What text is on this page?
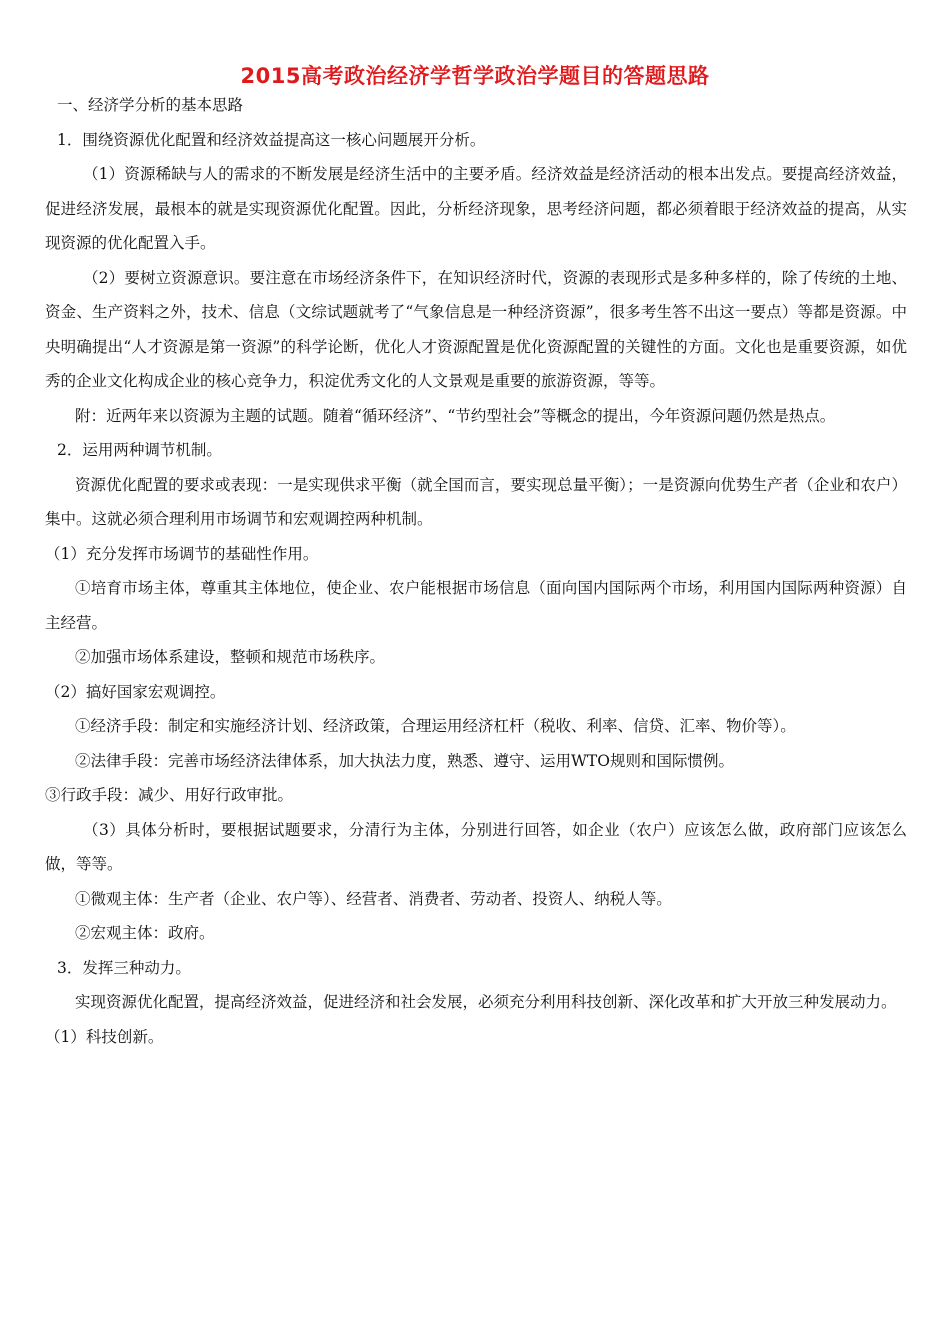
2015高考政治经济学哲学政治学题目的答题思路

一、经济学分析的基本思路

1．围绕资源优化配置和经济效益提高这一核心问题展开分析。

（1）资源稀缺与人的需求的不断发展是经济生活中的主要矛盾。经济效益是经济活动的根本出发点。要提高经济效益，促进经济发展，最根本的就是实现资源优化配置。因此，分析经济现象，思考经济问题，都必须着眼于经济效益的提高，从实现资源的优化配置入手。

（2）要树立资源意识。要注意在市场经济条件下，在知识经济时代，资源的表现形式是多种多样的，除了传统的土地、资金、生产资料之外，技术、信息（文综试题就考了“气象信息是一种经济资源”，很多考生答不出这一要点）等都是资源。中央明确提出“人才资源是第一资源”的科学论断，优化人才资源配置是优化资源配置的关键性的方面。文化也是重要资源，如优秀的企业文化构成企业的核心竞争力，积淀优秀文化的人文景观是重要的旅游资源，等等。

附：近两年来以资源为主题的试题。随着“循环经济”、“节约型社会”等概念的提出，今年资源问题仍然是热点。

2．运用两种调节机制。

资源优化配置的要求或表现：一是实现供求平衡（就全国而言，要实现总量平衡）；一是资源向优势生产者（企业和农户）集中。这就必须合理利用市场调节和宏观调控两种机制。

（1）充分发挥市场调节的基础性作用。

①培育市场主体，尊重其主体地位，使企业、农户能根据市场信息（面向国内国际两个市场，利用国内国际两种资源）自主经营。

②加强市场体系建设，整顿和规范市场秩序。

（2）搞好国家宏观调控。

①经济手段：制定和实施经济计划、经济政策，合理运用经济杠杆（税收、利率、信贷、汇率、物价等）。

②法律手段：完善市场经济法律体系，加大执法力度，熟悉、遵守、运用WTO规则和国际惯例。

③行政手段：减少、用好行政审批。

（3）具体分析时，要根据试题要求，分清行为主体，分别进行回答，如企业（农户）应该怎么做，政府部门应该怎么做，等等。

①微观主体：生产者（企业、农户等）、经营者、消费者、劳动者、投资人、纳税人等。

②宏观主体：政府。

3．发挥三种动力。

实现资源优化配置，提高经济效益，促进经济和社会发展，必须充分利用科技创新、深化改革和扩大开放三种发展动力。

（1）科技创新。
